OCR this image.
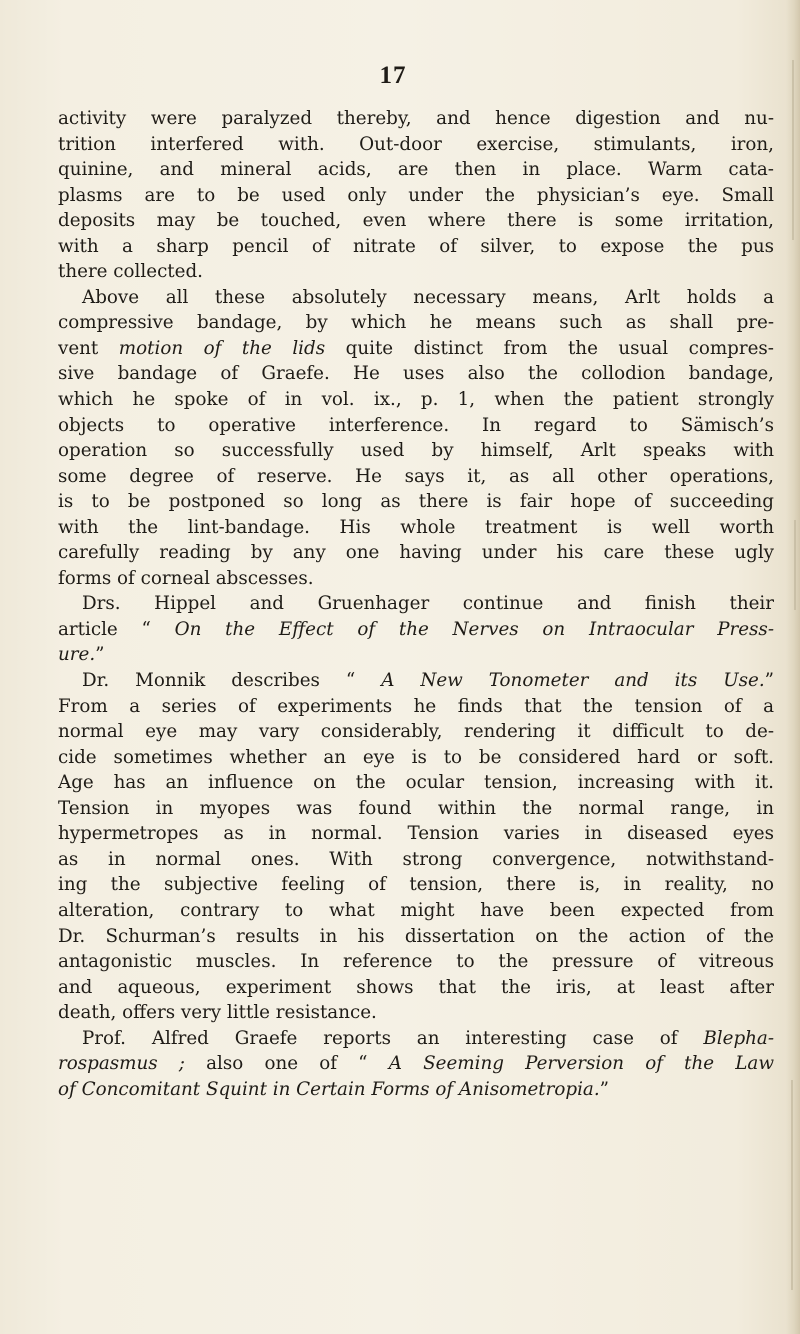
17
activity were paralyzed thereby, and hence digestion and nu-
trition interfered with. Out-door exercise, stimulants, iron,
quinine, and mineral acids, are then in place. Warm cata-
plasms are to be used only under the physician’s eye. Small
deposits may be touched, even where there is some irritation,
with a sharp pencil of nitrate of silver, to expose the pus
there collected.
Above all these absolutely necessary means, Arlt holds a
compressive bandage, by which he means such as shall pre-
vent motion of the lids quite distinct from the usual compres-
sive bandage of Graefe. He uses also the collodion bandage,
which he spoke of in vol. ix., p. 1, when the patient strongly
objects to operative interference. In regard to Sämisch’s
operation so successfully used by himself, Arlt speaks with
some degree of reserve. He says it, as all other operations,
is to be postponed so long as there is fair hope of succeeding
with the lint-bandage. His whole treatment is well worth
carefully reading by any one having under his care these ugly
forms of corneal abscesses.
Drs. Hippel and Gruenhager continue and finish their
article “ On the Effect of the Nerves on Intraocular Press-
ure.”
Dr. Monnik describes “ A New Tonometer and its Use.”
From a series of experiments he finds that the tension of a
normal eye may vary considerably, rendering it difficult to de-
cide sometimes whether an eye is to be considered hard or soft.
Age has an influence on the ocular tension, increasing with it.
Tension in myopes was found within the normal range, in
hypermetropes as in normal. Tension varies in diseased eyes
as in normal ones. With strong convergence, notwithstand-
ing the subjective feeling of tension, there is, in reality, no
alteration, contrary to what might have been expected from
Dr. Schurman’s results in his dissertation on the action of the
antagonistic muscles. In reference to the pressure of vitreous
and aqueous, experiment shows that the iris, at least after
death, offers very little resistance.
Prof. Alfred Graefe reports an interesting case of Blepha-
rospasmus ; also one of “ A Seeming Perversion of the Law
of Concomitant Squint in Certain Forms of Anisometropia.”
